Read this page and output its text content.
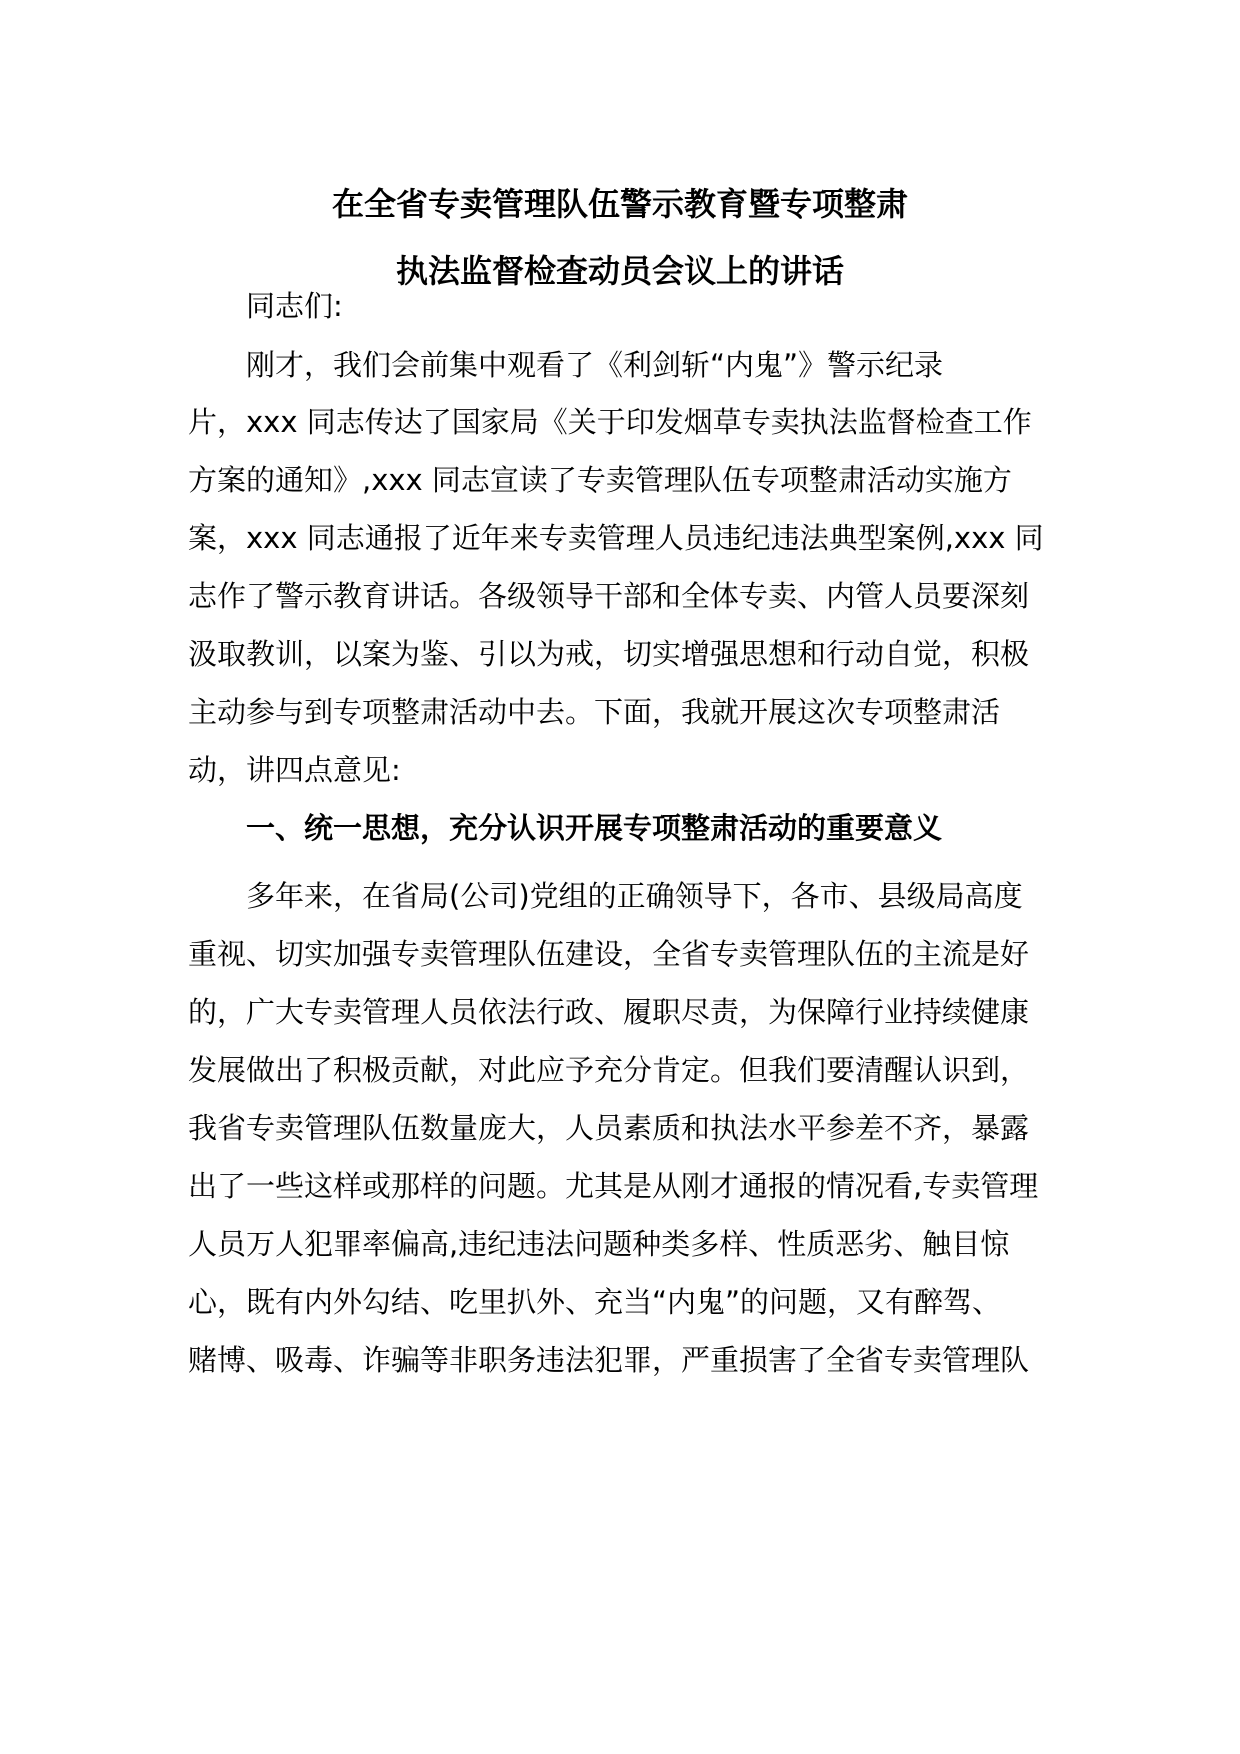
在全省专卖管理队伍警示教育暨专项整肃
执法监督检查动员会议上的讲话
同志们:
刚才，我们会前集中观看了《利剑斩“内鬼”》警示纪录
片，xxx 同志传达了国家局《关于印发烟草专卖执法监督检查工作
方案的通知》,xxx 同志宣读了专卖管理队伍专项整肃活动实施方
案，xxx 同志通报了近年来专卖管理人员违纪违法典型案例,xxx 同
志作了警示教育讲话。各级领导干部和全体专卖、内管人员要深刻
汲取教训，以案为鉴、引以为戒，切实增强思想和行动自觉，积极
主动参与到专项整肃活动中去。下面，我就开展这次专项整肃活
动，讲四点意见:
一、统一思想，充分认识开展专项整肃活动的重要意义
多年来，在省局(公司)党组的正确领导下，各市、县级局高度
重视、切实加强专卖管理队伍建设，全省专卖管理队伍的主流是好
的，广大专卖管理人员依法行政、履职尽责，为保障行业持续健康
发展做出了积极贡献，对此应予充分肯定。但我们要清醒认识到，
我省专卖管理队伍数量庞大，人员素质和执法水平参差不齐，暴露
出了一些这样或那样的问题。尤其是从刚才通报的情况看,专卖管理
人员万人犯罪率偏高,违纪违法问题种类多样、性质恶劣、触目惊
心，既有内外勾结、吃里扒外、充当“内鬼”的问题，又有醉驾、
赌博、吸毒、诈骗等非职务违法犯罪，严重损害了全省专卖管理队
